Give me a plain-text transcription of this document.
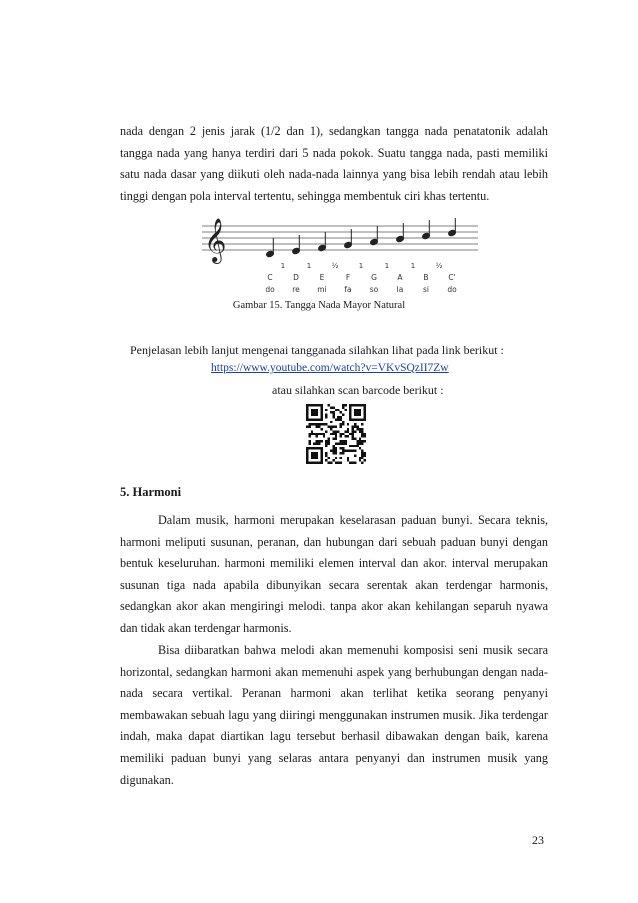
nada dengan 2 jenis jarak (1/2 dan 1), sedangkan tangga nada penatatonik adalah tangga nada yang hanya terdiri dari 5 nada pokok. Suatu tangga nada, pasti memiliki satu nada dasar yang diikuti oleh nada-nada lainnya yang bisa lebih rendah atau lebih tinggi dengan pola interval tertentu, sehingga membentuk ciri khas tertentu.
𝄞
1	1	½	1	1	1	½
C	D	E	F	G	A	B	C'
do re mi fa so la	si do
Gambar 15. Tangga Nada Mayor Natural
Penjelasan lebih lanjut mengenai tangganada silahkan lihat pada link berikut :
https://www.youtube.com/watch?v=VKvSQzII7Zw
atau silahkan scan barcode berikut :
5. Harmoni
Dalam musik, harmoni merupakan keselarasan paduan bunyi. Secara teknis, harmoni meliputi susunan, peranan, dan hubungan dari sebuah paduan bunyi dengan bentuk keseluruhan. harmoni memiliki elemen interval dan akor. interval merupakan susunan tiga nada apabila dibunyikan secara serentak akan terdengar harmonis, sedangkan akor akan mengiringi melodi. tanpa akor akan kehilangan separuh nyawa dan tidak akan terdengar harmonis.
Bisa diibaratkan bahwa melodi akan memenuhi komposisi seni musik secara horizontal, sedangkan harmoni akan memenuhi aspek yang berhubungan dengan nada-nada secara vertikal. Peranan harmoni akan terlihat ketika seorang penyanyi membawakan sebuah lagu yang diiringi menggunakan instrumen musik. Jika terdengar indah, maka dapat diartikan lagu tersebut berhasil dibawakan dengan baik, karena memiliki paduan bunyi yang selaras antara penyanyi dan instrumen musik yang digunakan.
23
